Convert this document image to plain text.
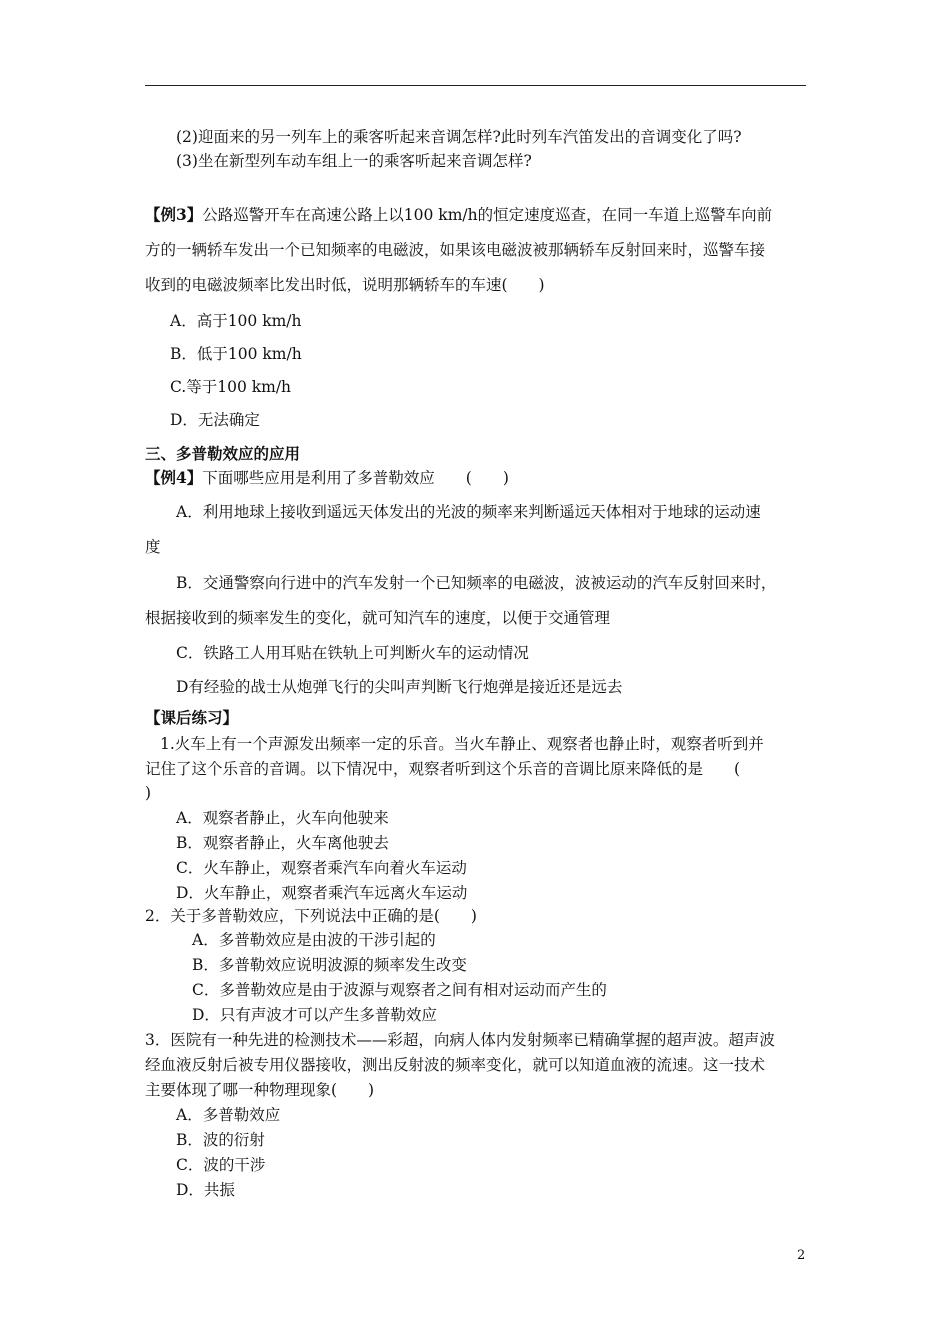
(2)迎面来的另一列车上的乘客听起来音调怎样?此时列车汽笛发出的音调变化了吗?
(3)坐在新型列车动车组上一的乘客听起来音调怎样?
【例3】公路巡警开车在高速公路上以100 km/h的恒定速度巡查，在同一车道上巡警车向前
方的一辆轿车发出一个已知频率的电磁波，如果该电磁波被那辆轿车反射回来时，巡警车接
收到的电磁波频率比发出时低，说明那辆轿车的车速(　　)
A．高于100 km/h
B．低于100 km/h
C.等于100 km/h
D．无法确定
三、多普勒效应的应用
【例4】下面哪些应用是利用了多普勒效应　　(　　)
A．利用地球上接收到遥远天体发出的光波的频率来判断遥远天体相对于地球的运动速
度
B．交通警察向行进中的汽车发射一个已知频率的电磁波，波被运动的汽车反射回来时，
根据接收到的频率发生的变化，就可知汽车的速度，以便于交通管理
C．铁路工人用耳贴在铁轨上可判断火车的运动情况
D有经验的战士从炮弹飞行的尖叫声判断飞行炮弹是接近还是远去
【课后练习】
1.火车上有一个声源发出频率一定的乐音。当火车静止、观察者也静止时，观察者听到并
记住了这个乐音的音调。以下情况中，观察者听到这个乐音的音调比原来降低的是　　(
)
A．观察者静止，火车向他驶来
B．观察者静止，火车离他驶去
C．火车静止，观察者乘汽车向着火车运动
D．火车静止，观察者乘汽车远离火车运动
2．关于多普勒效应，下列说法中正确的是(　　)
A．多普勒效应是由波的干涉引起的
B．多普勒效应说明波源的频率发生改变
C．多普勒效应是由于波源与观察者之间有相对运动而产生的
D．只有声波才可以产生多普勒效应
3．医院有一种先进的检测技术——彩超，向病人体内发射频率已精确掌握的超声波。超声波
经血液反射后被专用仪器接收，测出反射波的频率变化，就可以知道血液的流速。这一技术
主要体现了哪一种物理现象(　　)
A．多普勒效应
B．波的衍射
C．波的干涉
D．共振
2
